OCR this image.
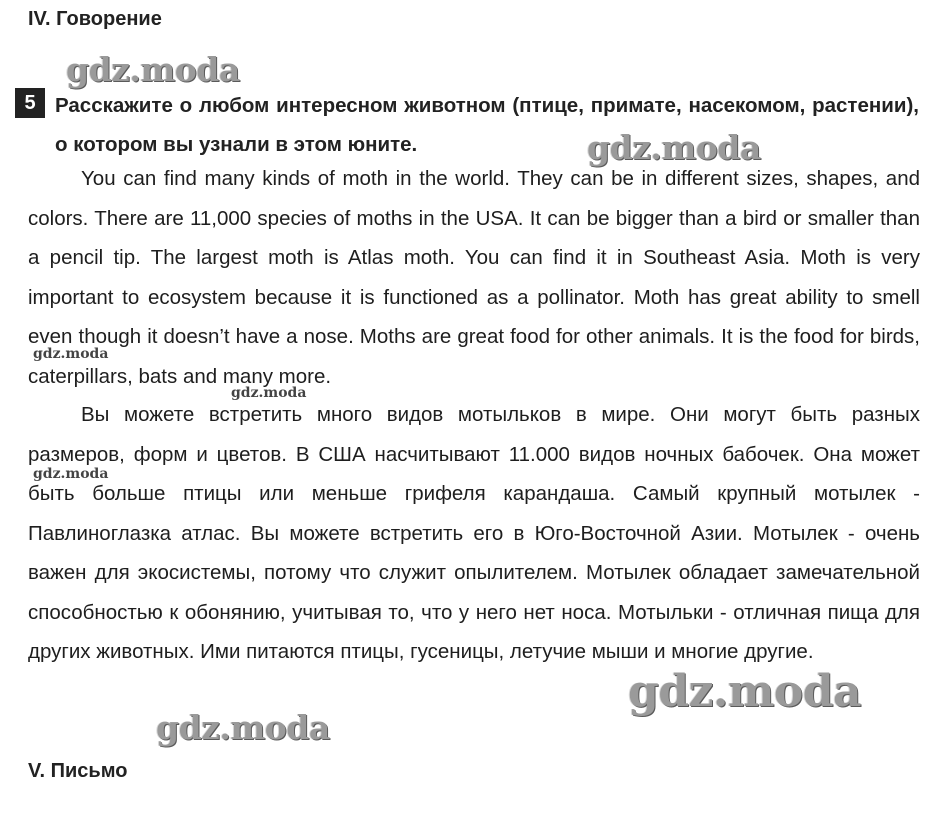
IV. Говорение
5 Расскажите о любом интересном животном (птице, примате, насекомом, растении), о котором вы узнали в этом юните.

You can find many kinds of moth in the world. They can be in different sizes, shapes, and colors. There are 11,000 species of moths in the USA. It can be bigger than a bird or smaller than a pencil tip. The largest moth is Atlas moth. You can find it in Southeast Asia. Moth is very important to ecosystem because it is functioned as a pollinator. Moth has great ability to smell even though it doesn’t have a nose. Moths are great food for other animals. It is the food for birds, caterpillars, bats and many more.

Вы можете встретить много видов мотыльков в мире. Они могут быть разных размеров, форм и цветов. В США насчитывают 11.000 видов ночных бабочек. Она может быть больше птицы или меньше грифеля карандаша. Самый крупный мотылек - Павлиноглазка атлас. Вы можете встретить его в Юго-Восточной Азии. Мотылек - очень важен для экосистемы, потому что служит опылителем. Мотылек обладает замечательной способностью к обонянию, учитывая то, что у него нет носа. Мотыльки - отличная пища для других животных. Ими питаются птицы, гусеницы, летучие мыши и многие другие.

V. Письмо
gdz.moda
gdz.moda
gdz.moda
gdz.moda
gdz.moda
gdz.moda
gdz.moda
